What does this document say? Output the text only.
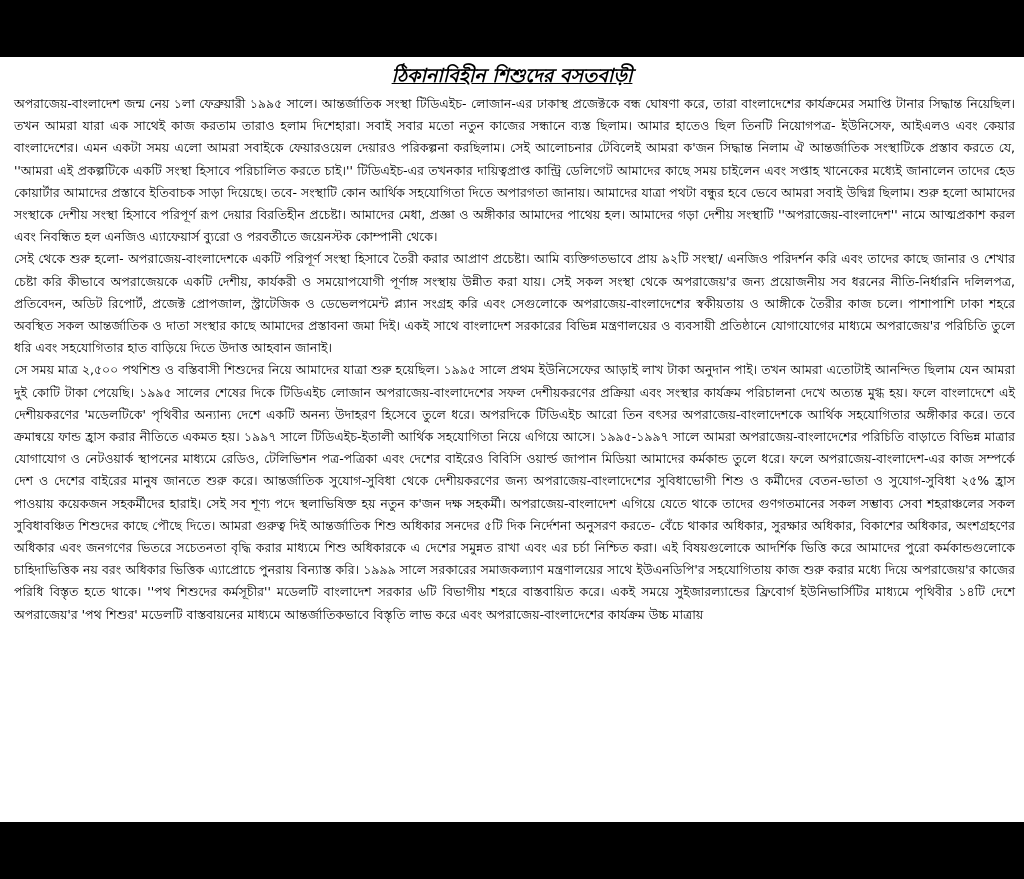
ঠিকানাবিহীন শিশুদের বসতবাড়ী

অপরাজেয়-বাংলাদেশ জন্ম নেয় ১লা ফেব্রুয়ারী ১৯৯৫ সালে। আন্তর্জাতিক সংস্থা টিডিএইচ- লোজান-এর ঢাকাস্থ প্রজেক্টকে বন্ধ ঘোষণা করে, তারা বাংলাদেশের কার্যক্রমের সমাপ্তি টানার সিদ্ধান্ত নিয়েছিল। তখন আমরা যারা এক সাথেই কাজ করতাম তারাও হলাম দিশেহারা। সবাই সবার মতো নতুন কাজের সন্ধানে ব্যস্ত ছিলাম। আমার হাতেও ছিল তিনটি নিয়োগপত্র- ইউনিসেফ, আইএলও এবং কেয়ার বাংলাদেশের। এমন একটা সময় এলো আমরা সবাইকে ফেয়ারওয়েল দেয়ারও পরিকল্পনা করছিলাম। সেই আলোচনার টেবিলেই আমরা ক'জন সিদ্ধান্ত নিলাম ঐ আন্তর্জাতিক সংস্থাটিকে প্রস্তাব করতে যে, ''আমরা এই প্রকল্পটিকে একটি সংস্থা হিসাবে পরিচালিত করতে চাই।'' টিডিএইচ-এর তখনকার দায়িত্বপ্রাপ্ত কান্ট্রি ডেলিগেট আমাদের কাছে সময় চাইলেন এবং সপ্তাহ খানেকের মধ্যেই জানালেন তাদের হেড কোয়ার্টার আমাদের প্রস্তাবে ইতিবাচক সাড়া দিয়েছে। তবে- সংস্থাটি কোন আর্থিক সহযোগিতা দিতে অপারগতা জানায়। আমাদের যাত্রা পথটা বন্ধুর হবে ভেবে আমরা সবাই উদ্বিগ্ন ছিলাম। শুরু হলো আমাদের সংস্থাকে দেশীয় সংস্থা হিসাবে পরিপূর্ণ রূপ দেয়ার বিরতিহীন প্রচেষ্টা। আমাদের মেধা, প্রজ্ঞা ও অঙ্গীকার আমাদের পাথেয় হল। আমাদের গড়া দেশীয় সংস্থাটি ''অপরাজেয়-বাংলাদেশ'' নামে আত্মপ্রকাশ করল এবং নিবন্ধিত হল এনজিও এ্যাফেয়ার্স ব্যুরো ও পরবর্তীতে জয়েনস্টক কোম্পানী থেকে।

সেই থেকে শুরু হলো- অপরাজেয়-বাংলাদেশকে একটি পরিপূর্ণ সংস্থা হিসাবে তৈরী করার আপ্রাণ প্রচেষ্টা। আমি ব্যক্তিগতভাবে প্রায় ৯২টি সংস্থা/ এনজিও পরিদর্শন করি এবং তাদের কাছে জানার ও শেখার চেষ্টা করি কীভাবে অপরাজেয়কে একটি দেশীয়, কার্যকরী ও সময়োপযোগী পূর্ণাঙ্গ সংস্থায় উন্নীত করা যায়। সেই সকল সংস্থা থেকে অপরাজেয়'র জন্য প্রয়োজনীয় সব ধরনের নীতি-নির্ধারনি দলিলপত্র, প্রতিবেদন, অডিট রিপোর্ট, প্রজেক্ট প্রোপজাল, স্ট্রাটেজিক ও ডেভেলপমেন্ট প্ল্যান সংগ্রহ করি এবং সেগুলোকে অপরাজেয়-বাংলাদেশের স্বকীয়তায় ও আঙ্গীকে তৈরীর কাজ চলে। পাশাপাশি ঢাকা শহরে অবস্থিত সকল আন্তর্জাতিক ও দাতা সংস্থার কাছে আমাদের প্রস্তাবনা জমা দিই। একই সাথে বাংলাদেশ সরকারের বিভিন্ন মন্ত্রণালয়ের ও ব্যবসায়ী প্রতিষ্ঠানে যোগাযোগের মাধ্যমে অপরাজেয়'র পরিচিতি তুলে ধরি এবং সহযোগিতার হাত বাড়িয়ে দিতে উদাত্ত আহবান জানাই।

সে সময় মাত্র ২,৫০০ পথশিশু ও বস্তিবাসী শিশুদের নিয়ে আমাদের যাত্রা শুরু হয়েছিল। ১৯৯৫ সালে প্রথম ইউনিসেফের আড়াই লাখ টাকা অনুদান পাই। তখন আমরা এতোটাই আনন্দিত ছিলাম যেন আমরা দুই কোটি টাকা পেয়েছি। ১৯৯৫ সালের শেষের দিকে টিডিএইচ লোজান অপরাজেয়-বাংলাদেশের সফল দেশীয়করণের প্রক্রিয়া এবং সংস্থার কার্যক্রম পরিচালনা দেখে অত্যন্ত মুগ্ধ হয়। ফলে বাংলাদেশে এই দেশীয়করণের 'মডেলটিকে' পৃথিবীর অন্যান্য দেশে একটি অনন্য উদাহরণ হিসেবে তুলে ধরে। অপরদিকে টিডিএইচ আরো তিন বৎসর অপরাজেয়-বাংলাদেশকে আর্থিক সহযোগিতার অঙ্গীকার করে। তবে ক্রমান্বয়ে ফান্ড হ্রাস করার নীতিতে একমত হয়। ১৯৯৭ সালে টিডিএইচ-ইতালী আর্থিক সহযোগিতা নিয়ে এগিয়ে আসে। ১৯৯৫-১৯৯৭ সালে আমরা অপরাজেয়-বাংলাদেশের পরিচিতি বাড়াতে বিভিন্ন মাত্রার যোগাযোগ ও নেটওয়ার্ক স্থাপনের মাধ্যমে রেডিও, টেলিভিশন পত্র-পত্রিকা এবং দেশের বাইরেও বিবিসি ওয়ার্ল্ড জাপান মিডিয়া আমাদের কর্মকান্ড তুলে ধরে। ফলে অপরাজেয়-বাংলাদেশ-এর কাজ সম্পর্কে দেশ ও দেশের বাইরের মানুষ জানতে শুরু করে। আন্তর্জাতিক সুযোগ-সুবিধা থেকে দেশীয়করণের জন্য অপরাজেয়-বাংলাদেশের সুবিধাভোগী শিশু ও কর্মীদের বেতন-ভাতা ও সুযোগ-সুবিধা ২৫% হ্রাস পাওয়ায় কয়েকজন সহকর্মীদের হারাই। সেই সব শূণ্য পদে স্থলাভিষিক্ত হয় নতুন ক'জন দক্ষ সহকর্মী। অপরাজেয়-বাংলাদেশ এগিয়ে যেতে থাকে তাদের গুণগতমানের সকল সম্ভাব্য সেবা শহরাঞ্চলের সকল সুবিধাবঞ্চিত শিশুদের কাছে পৌছে দিতে। আমরা গুরুত্ব দিই আন্তর্জাতিক শিশু অধিকার সনদের ৫টি দিক নির্দেশনা অনুসরণ করতে- বেঁচে থাকার অধিকার, সুরক্ষার অধিকার, বিকাশের অধিকার, অংশগ্রহণের অধিকার এবং জনগণের ভিতরে সচেতনতা বৃদ্ধি করার মাধ্যমে শিশু অধিকারকে এ দেশের সমুন্নত রাখা এবং এর চর্চা নিশ্চিত করা। এই বিষয়গুলোকে আদর্শিক ভিত্তি করে আমাদের পুরো কর্মকান্ডগুলোকে চাহিদাভিত্তিক নয় বরং অধিকার ভিত্তিক এ্যাপ্রোচে পুনরায় বিন্যাস্ত করি। ১৯৯৯ সালে সরকারের সমাজকল্যাণ মন্ত্রণালয়ের সাথে ইউএনডিপি'র সহযোগিতায় কাজ শুরু করার মধ্যে দিয়ে অপরাজেয়'র কাজের পরিধি বিস্তৃত হতে থাকে। ''পথ শিশুদের কর্মসূচীর'' মডেলটি বাংলাদেশ সরকার ৬টি বিভাগীয় শহরে বাস্তবায়িত করে। একই সময়ে সুইজারল্যান্ডের ফ্রিবোর্গ ইউনিভার্সিটির মাধ্যমে পৃথিবীর ১৪টি দেশে অপরাজেয়'র 'পথ শিশুর' মডেলটি বাস্তবায়নের মাধ্যমে আন্তর্জাতিকভাবে বিস্তৃতি লাভ করে এবং অপরাজেয়-বাংলাদেশের কার্যক্রম উচ্চ মাত্রায়
